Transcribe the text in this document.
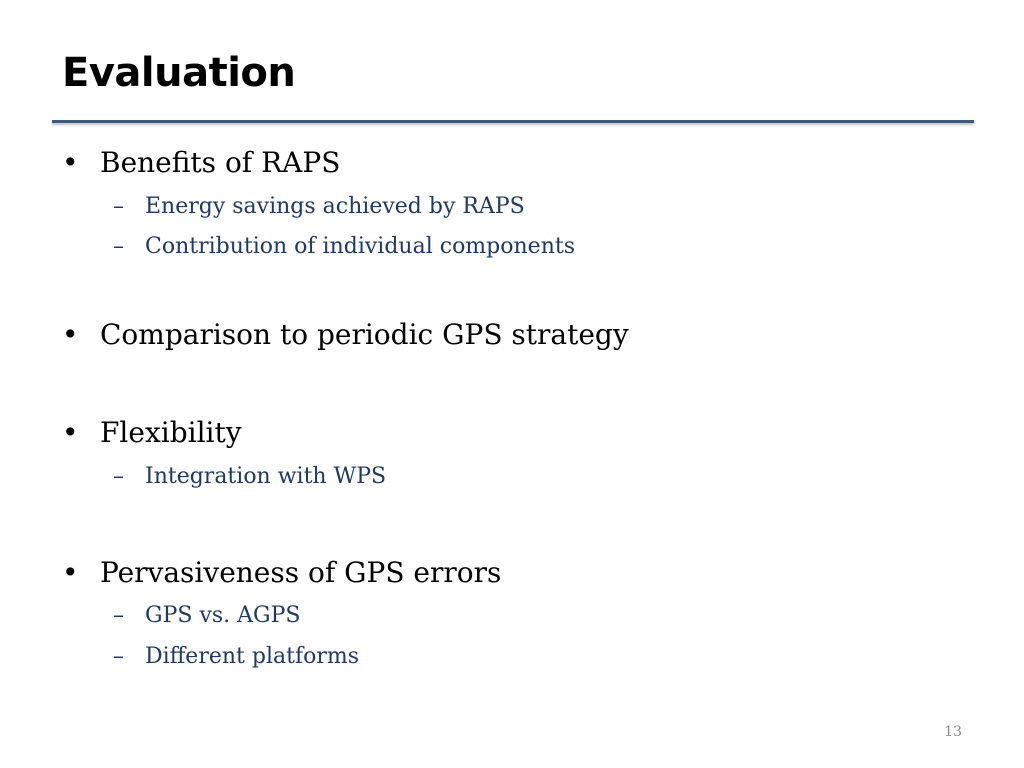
Evaluation
• Benefits of RAPS
– Energy savings achieved by RAPS
– Contribution of individual components
• Comparison to periodic GPS strategy
• Flexibility
– Integration with WPS
• Pervasiveness of GPS errors
– GPS vs. AGPS
– Different platforms
13
